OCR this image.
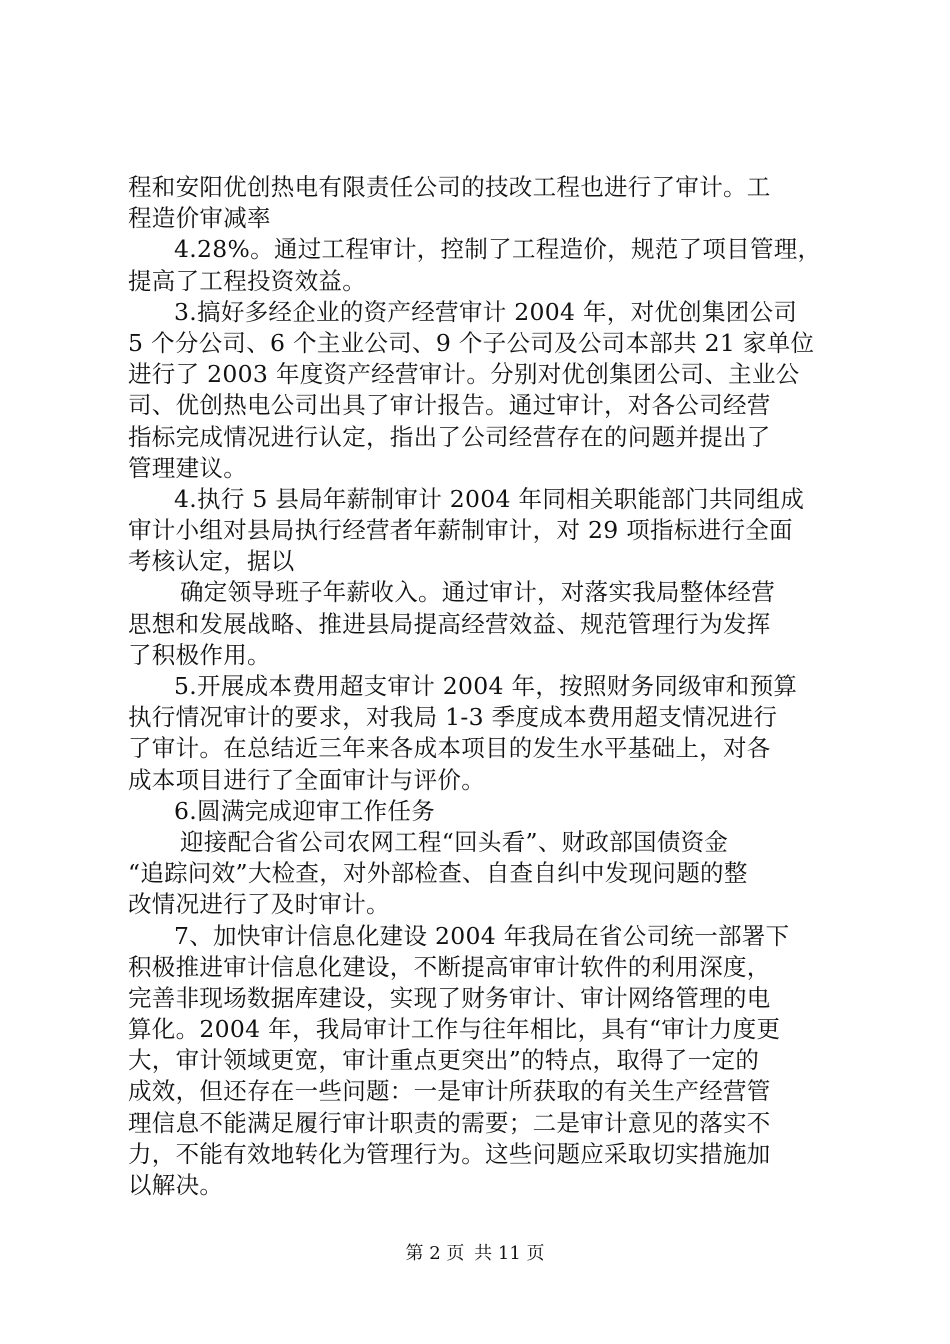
程和安阳优创热电有限责任公司的技改工程也进行了审计。工
程造价审减率
4.28%。通过工程审计，控制了工程造价，规范了项目管理，
提高了工程投资效益。
3.搞好多经企业的资产经营审计 2004 年，对优创集团公司
5 个分公司、6 个主业公司、9 个子公司及公司本部共 21 家单位
进行了 2003 年度资产经营审计。分别对优创集团公司、主业公
司、优创热电公司出具了审计报告。通过审计，对各公司经营
指标完成情况进行认定，指出了公司经营存在的问题并提出了
管理建议。
4.执行 5 县局年薪制审计 2004 年同相关职能部门共同组成
审计小组对县局执行经营者年薪制审计，对 29 项指标进行全面
考核认定，据以
确定领导班子年薪收入。通过审计，对落实我局整体经营
思想和发展战略、推进县局提高经营效益、规范管理行为发挥
了积极作用。
5.开展成本费用超支审计 2004 年，按照财务同级审和预算
执行情况审计的要求，对我局 1-3 季度成本费用超支情况进行
了审计。在总结近三年来各成本项目的发生水平基础上，对各
成本项目进行了全面审计与评价。
6.圆满完成迎审工作任务
迎接配合省公司农网工程“回头看”、财政部国债资金
“追踪问效”大检查，对外部检查、自查自纠中发现问题的整
改情况进行了及时审计。
7、加快审计信息化建设 2004 年我局在省公司统一部署下
积极推进审计信息化建设，不断提高审审计软件的利用深度，
完善非现场数据库建设，实现了财务审计、审计网络管理的电
算化。2004 年，我局审计工作与往年相比，具有“审计力度更
大，审计领域更宽，审计重点更突出”的特点，取得了一定的
成效，但还存在一些问题：一是审计所获取的有关生产经营管
理信息不能满足履行审计职责的需要；二是审计意见的落实不
力，不能有效地转化为管理行为。这些问题应采取切实措施加
以解决。
第 2 页 共 11 页
